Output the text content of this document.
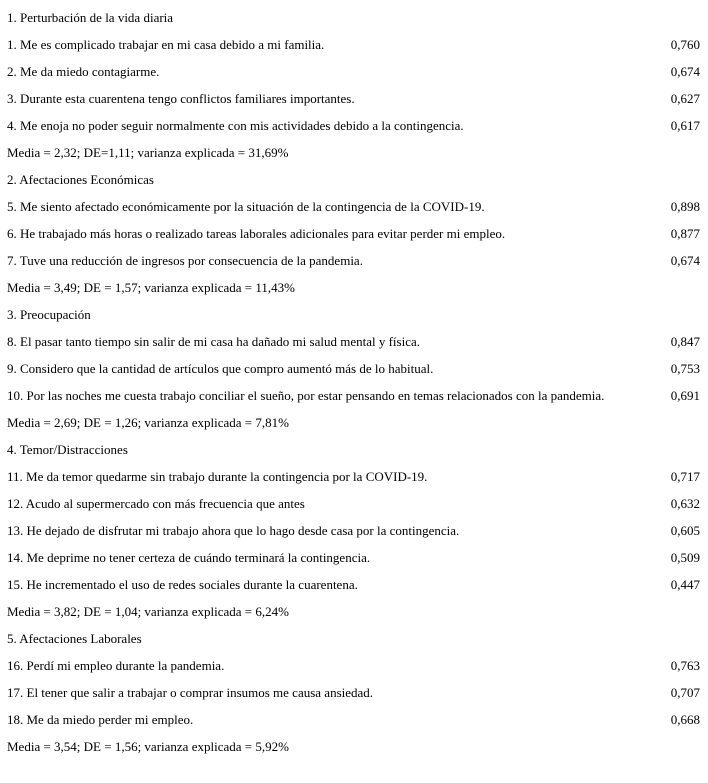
1. Perturbación de la vida diaria
1. Me es complicado trabajar en mi casa debido a mi familia.	0,760
2. Me da miedo contagiarme.	0,674
3. Durante esta cuarentena tengo conflictos familiares importantes.	0,627
4. Me enoja no poder seguir normalmente con mis actividades debido a la contingencia.	0,617
Media = 2,32; DE=1,11; varianza explicada = 31,69%
2. Afectaciones Económicas
5. Me siento afectado económicamente por la situación de la contingencia de la COVID-19.	0,898
6. He trabajado más horas o realizado tareas laborales adicionales para evitar perder mi empleo.	0,877
7. Tuve una reducción de ingresos por consecuencia de la pandemia.	0,674
Media = 3,49; DE = 1,57; varianza explicada = 11,43%
3. Preocupación
8. El pasar tanto tiempo sin salir de mi casa ha dañado mi salud mental y física.	0,847
9. Considero que la cantidad de artículos que compro aumentó más de lo habitual.	0,753
10. Por las noches me cuesta trabajo conciliar el sueño, por estar pensando en temas relacionados con la pandemia.	0,691
Media = 2,69; DE = 1,26; varianza explicada = 7,81%
4. Temor/Distracciones
11. Me da temor quedarme sin trabajo durante la contingencia por la COVID-19.	0,717
12. Acudo al supermercado con más frecuencia que antes	0,632
13. He dejado de disfrutar mi trabajo ahora que lo hago desde casa por la contingencia.	0,605
14. Me deprime no tener certeza de cuándo terminará la contingencia.	0,509
15. He incrementado el uso de redes sociales durante la cuarentena.	0,447
Media = 3,82; DE = 1,04; varianza explicada = 6,24%
5. Afectaciones Laborales
16. Perdí mi empleo durante la pandemia.	0,763
17. El tener que salir a trabajar o comprar insumos me causa ansiedad.	0,707
18. Me da miedo perder mi empleo.	0,668
Media = 3,54; DE = 1,56; varianza explicada = 5,92%
